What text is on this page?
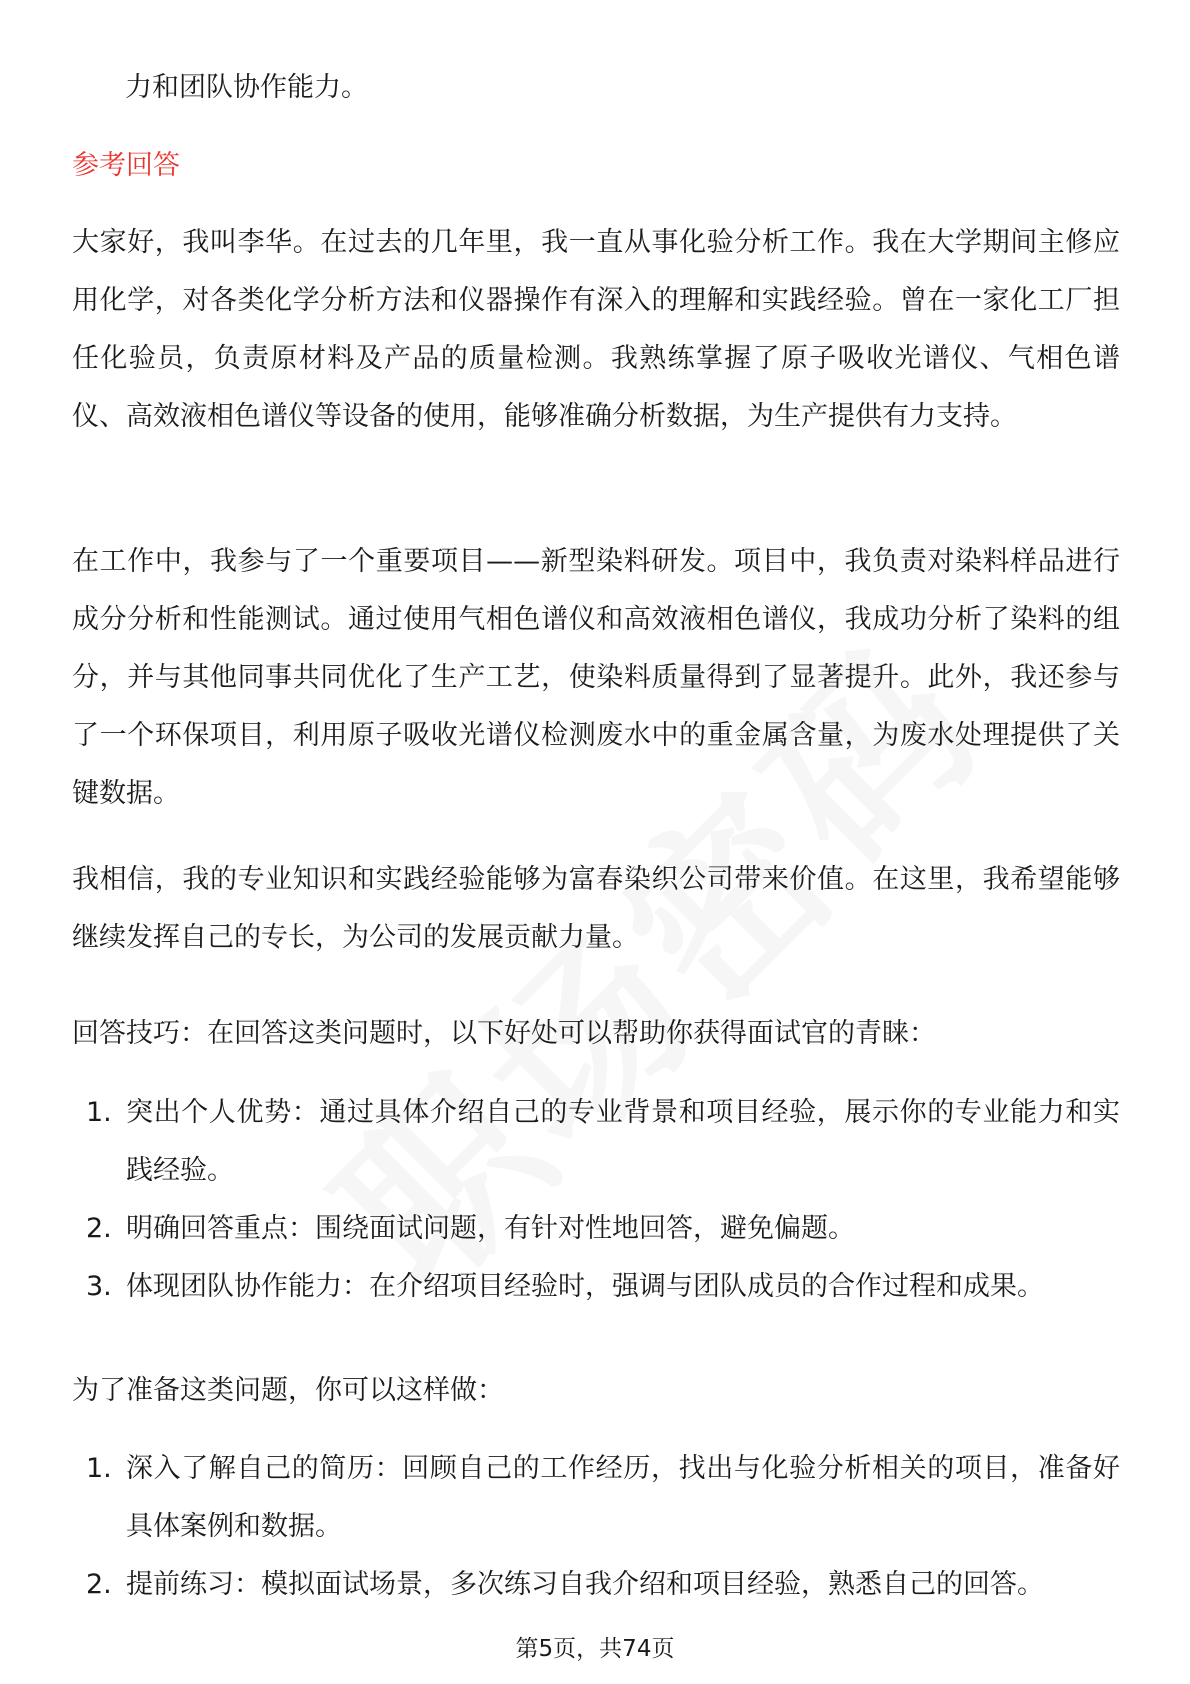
力和团队协作能力。
参考回答

大家好，我叫李华。在过去的几年里，我一直从事化验分析工作。我在大学期间主修应用化学，对各类化学分析方法和仪器操作有深入的理解和实践经验。曾在一家化工厂担任化验员，负责原材料及产品的质量检测。我熟练掌握了原子吸收光谱仪、气相色谱仪、高效液相色谱仪等设备的使用，能够准确分析数据，为生产提供有力支持。

在工作中，我参与了一个重要项目——新型染料研发。项目中，我负责对染料样品进行成分分析和性能测试。通过使用气相色谱仪和高效液相色谱仪，我成功分析了染料的组分，并与其他同事共同优化了生产工艺，使染料质量得到了显著提升。此外，我还参与了一个环保项目，利用原子吸收光谱仪检测废水中的重金属含量，为废水处理提供了关键数据。

我相信，我的专业知识和实践经验能够为富春染织公司带来价值。在这里，我希望能够继续发挥自己的专长，为公司的发展贡献力量。

回答技巧：在回答这类问题时，以下好处可以帮助你获得面试官的青睐：

1. 突出个人优势：通过具体介绍自己的专业背景和项目经验，展示你的专业能力和实践经验。
2. 明确回答重点：围绕面试问题，有针对性地回答，避免偏题。
3. 体现团队协作能力：在介绍项目经验时，强调与团队成员的合作过程和成果。

为了准备这类问题，你可以这样做：

1. 深入了解自己的简历：回顾自己的工作经历，找出与化验分析相关的项目，准备好具体案例和数据。
2. 提前练习：模拟面试场景，多次练习自我介绍和项目经验，熟悉自己的回答。
第5页，共74页
